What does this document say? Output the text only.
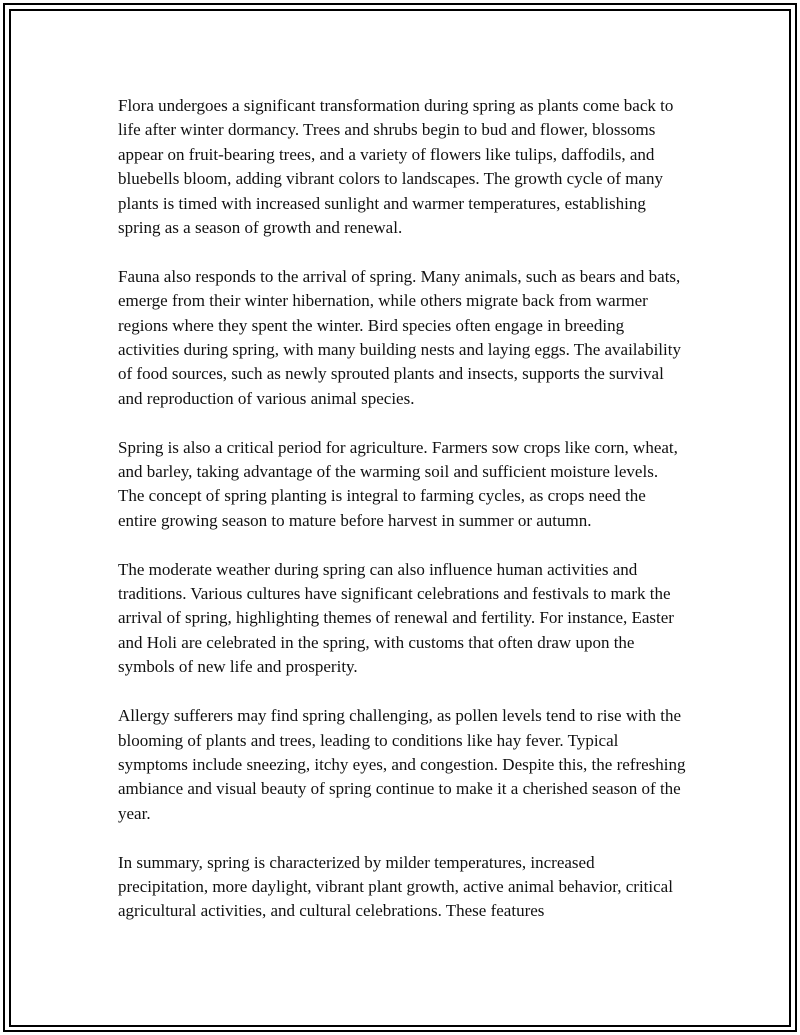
Flora undergoes a significant transformation during spring as plants come back to life after winter dormancy. Trees and shrubs begin to bud and flower, blossoms appear on fruit-bearing trees, and a variety of flowers like tulips, daffodils, and bluebells bloom, adding vibrant colors to landscapes. The growth cycle of many plants is timed with increased sunlight and warmer temperatures, establishing spring as a season of growth and renewal.

Fauna also responds to the arrival of spring. Many animals, such as bears and bats, emerge from their winter hibernation, while others migrate back from warmer regions where they spent the winter. Bird species often engage in breeding activities during spring, with many building nests and laying eggs. The availability of food sources, such as newly sprouted plants and insects, supports the survival and reproduction of various animal species.

Spring is also a critical period for agriculture. Farmers sow crops like corn, wheat, and barley, taking advantage of the warming soil and sufficient moisture levels. The concept of spring planting is integral to farming cycles, as crops need the entire growing season to mature before harvest in summer or autumn.

The moderate weather during spring can also influence human activities and traditions. Various cultures have significant celebrations and festivals to mark the arrival of spring, highlighting themes of renewal and fertility. For instance, Easter and Holi are celebrated in the spring, with customs that often draw upon the symbols of new life and prosperity.

Allergy sufferers may find spring challenging, as pollen levels tend to rise with the blooming of plants and trees, leading to conditions like hay fever. Typical symptoms include sneezing, itchy eyes, and congestion. Despite this, the refreshing ambiance and visual beauty of spring continue to make it a cherished season of the year.

In summary, spring is characterized by milder temperatures, increased precipitation, more daylight, vibrant plant growth, active animal behavior, critical agricultural activities, and cultural celebrations. These features
